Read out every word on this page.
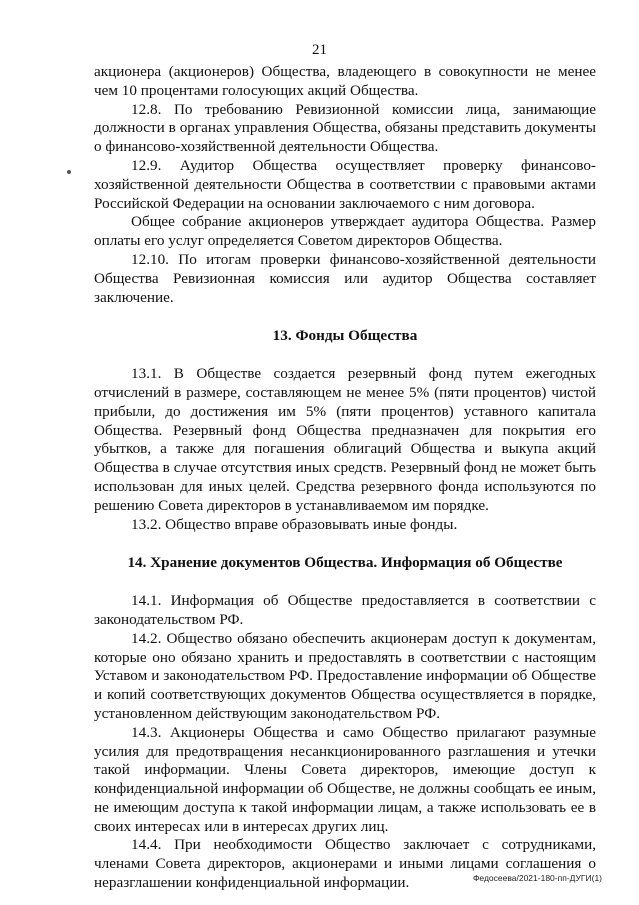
21

акционера (акционеров) Общества, владеющего в совокупности не менее чем 10 процентами голосующих акций Общества.

12.8. По требованию Ревизионной комиссии лица, занимающие должности в органах управления Общества, обязаны представить документы о финансово-хозяйственной деятельности Общества.

12.9. Аудитор Общества осуществляет проверку финансово-хозяйственной деятельности Общества в соответствии с правовыми актами Российской Федерации на основании заключаемого с ним договора.

Общее собрание акционеров утверждает аудитора Общества. Размер оплаты его услуг определяется Советом директоров Общества.

12.10. По итогам проверки финансово-хозяйственной деятельности Общества Ревизионная комиссия или аудитор Общества составляет заключение.

13. Фонды Общества

13.1. В Обществе создается резервный фонд путем ежегодных отчислений в размере, составляющем не менее 5% (пяти процентов) чистой прибыли, до достижения им 5% (пяти процентов) уставного капитала Общества. Резервный фонд Общества предназначен для покрытия его убытков, а также для погашения облигаций Общества и выкупа акций Общества в случае отсутствия иных средств. Резервный фонд не может быть использован для иных целей. Средства резервного фонда используются по решению Совета директоров в устанавливаемом им порядке.

13.2. Общество вправе образовывать иные фонды.

14. Хранение документов Общества. Информация об Обществе

14.1. Информация об Обществе предоставляется в соответствии с законодательством РФ.

14.2. Общество обязано обеспечить акционерам доступ к документам, которые оно обязано хранить и предоставлять в соответствии с настоящим Уставом и законодательством РФ. Предоставление информации об Обществе и копий соответствующих документов Общества осуществляется в порядке, установленном действующим законодательством РФ.

14.3. Акционеры Общества и само Общество прилагают разумные усилия для предотвращения несанкционированного разглашения и утечки такой информации. Члены Совета директоров, имеющие доступ к конфиденциальной информации об Обществе, не должны сообщать ее иным, не имеющим доступа к такой информации лицам, а также использовать ее в своих интересах или в интересах других лиц.

14.4. При необходимости Общество заключает с сотрудниками, членами Совета директоров, акционерами и иными лицами соглашения о неразглашении конфиденциальной информации.	Федосеева/2021-180-пп-ДУГИ(1)
